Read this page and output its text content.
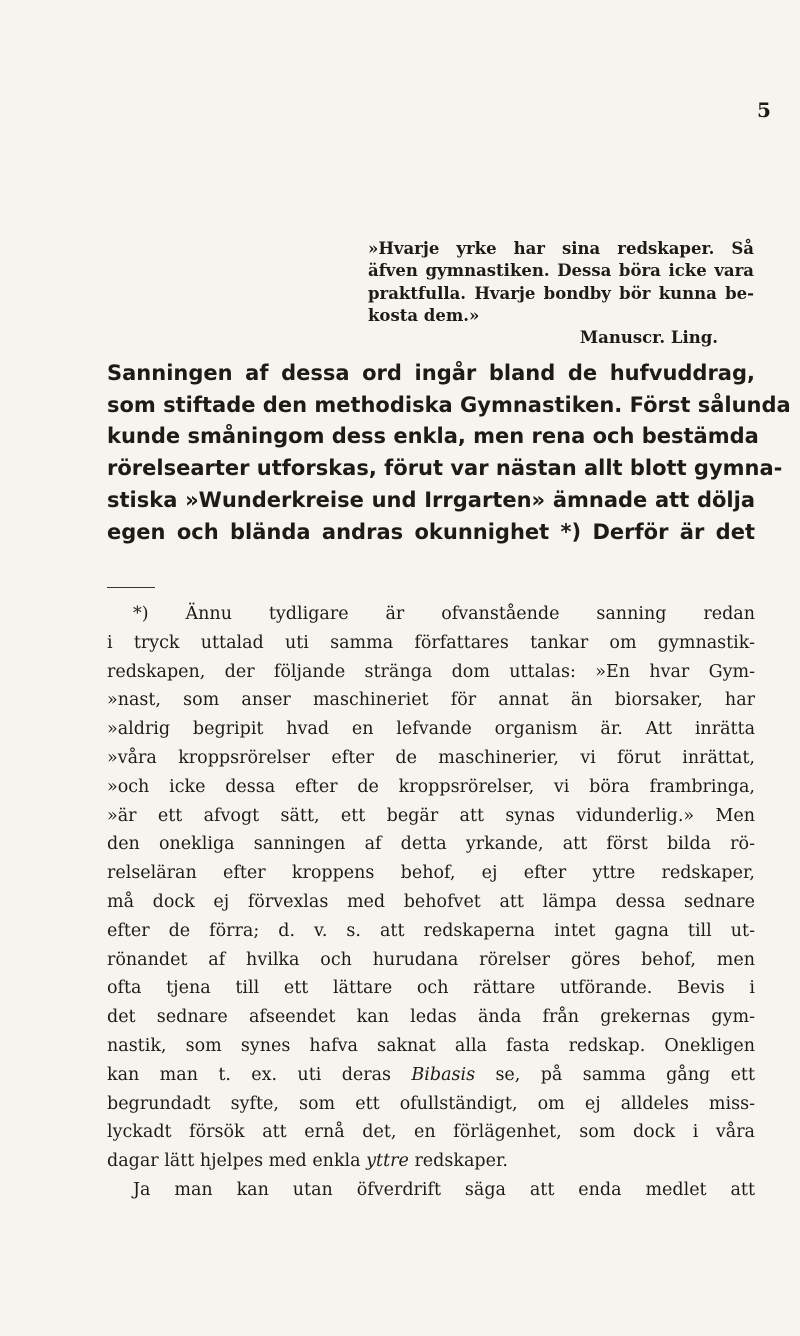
5
»Hvarje yrke har sina redskaper. Så
äfven gymnastiken. Dessa böra icke vara
praktfulla. Hvarje bondby bör kunna be-
kosta dem.»
Manuscr. Ling.
Sanningen af dessa ord ingår bland de hufvuddrag,
som stiftade den methodiska Gymnastiken. Först sålunda
kunde småningom dess enkla, men rena och bestämda
rörelsearter utforskas, förut var nästan allt blott gymna-
stiska »Wunderkreise und Irrgarten» ämnade att dölja
egen och blända andras okunnighet *) Derför är det
*) Ännu tydligare är ofvanstående sanning redan
i tryck uttalad uti samma författares tankar om gymnastik-
redskapen, der följande stränga dom uttalas: »En hvar Gym-
»nast, som anser maschineriet för annat än biorsaker, har
»aldrig begripit hvad en lefvande organism är. Att inrätta
»våra kroppsrörelser efter de maschinerier, vi förut inrättat,
»och icke dessa efter de kroppsrörelser, vi böra frambringa,
»är ett afvogt sätt, ett begär att synas vidunderlig.» Men
den onekliga sanningen af detta yrkande, att först bilda rö-
relseläran efter kroppens behof, ej efter yttre redskaper,
må dock ej förvexlas med behofvet att lämpa dessa sednare
efter de förra; d. v. s. att redskaperna intet gagna till ut-
rönandet af hvilka och hurudana rörelser göres behof, men
ofta tjena till ett lättare och rättare utförande. Bevis i
det sednare afseendet kan ledas ända från grekernas gym-
nastik, som synes hafva saknat alla fasta redskap. Onekligen
kan man t. ex. uti deras Bibasis se, på samma gång ett
begrundadt syfte, som ett ofullständigt, om ej alldeles miss-
lyckadt försök att ernå det, en förlägenhet, som dock i våra
dagar lätt hjelpes med enkla yttre redskaper.
Ja man kan utan öfverdrift säga att enda medlet att
